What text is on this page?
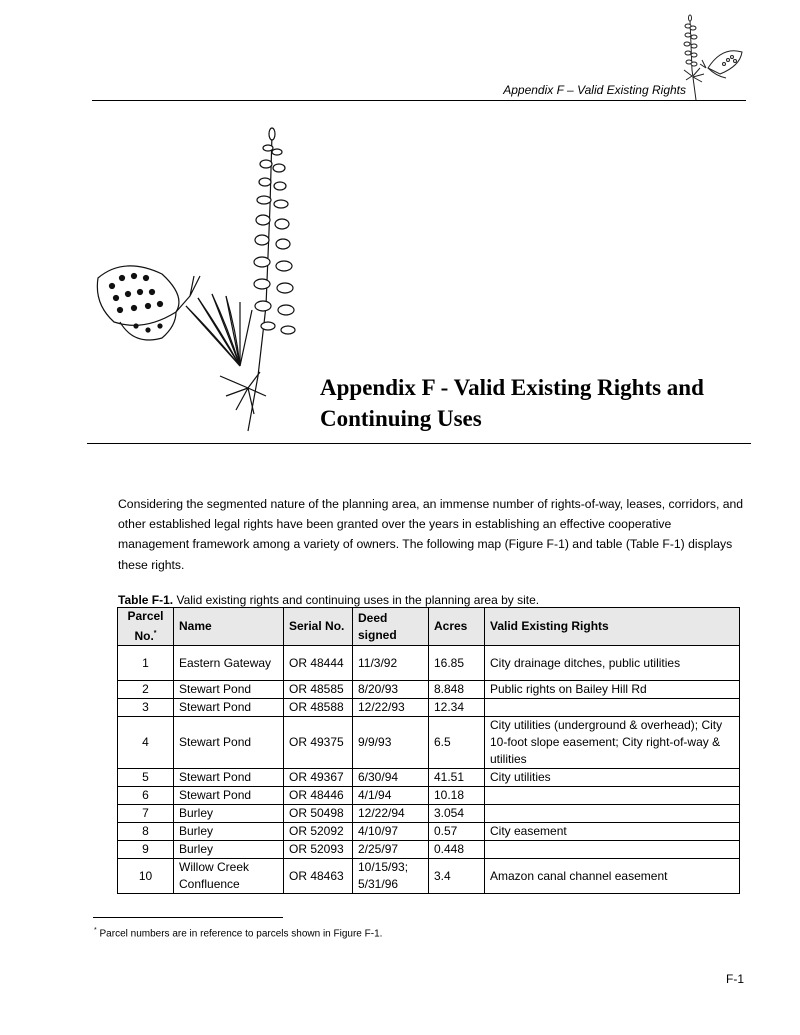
Appendix F – Valid Existing Rights
Appendix F - Valid Existing Rights and
Continuing Uses

Considering the segmented nature of the planning area, an immense number of rights-of-way, leases, corridors, and other established legal rights have been granted over the years in establishing an effective cooperative management framework among a variety of owners. The following map (Figure F-1) and table (Table F-1) displays these rights.

Table F-1. Valid existing rights and continuing uses in the planning area by site.
Parcel No.*	Name	Serial No.	Deed signed	Acres	Valid Existing Rights
1	Eastern Gateway	OR 48444	11/3/92	16.85	City drainage ditches, public utilities
2	Stewart Pond	OR 48585	8/20/93	8.848	Public rights on Bailey Hill Rd
3	Stewart Pond	OR 48588	12/22/93	12.34	
4	Stewart Pond	OR 49375	9/9/93	6.5	City utilities (underground & overhead); City 10-foot slope easement; City right-of-way & utilities
5	Stewart Pond	OR 49367	6/30/94	41.51	City utilities
6	Stewart Pond	OR 48446	4/1/94	10.18	
7	Burley	OR 50498	12/22/94	3.054	
8	Burley	OR 52092	4/10/97	0.57	City easement
9	Burley	OR 52093	2/25/97	0.448	
10	Willow Creek Confluence	OR 48463	10/15/93; 5/31/96	3.4	Amazon canal channel easement
* Parcel numbers are in reference to parcels shown in Figure F-1.
F-1
